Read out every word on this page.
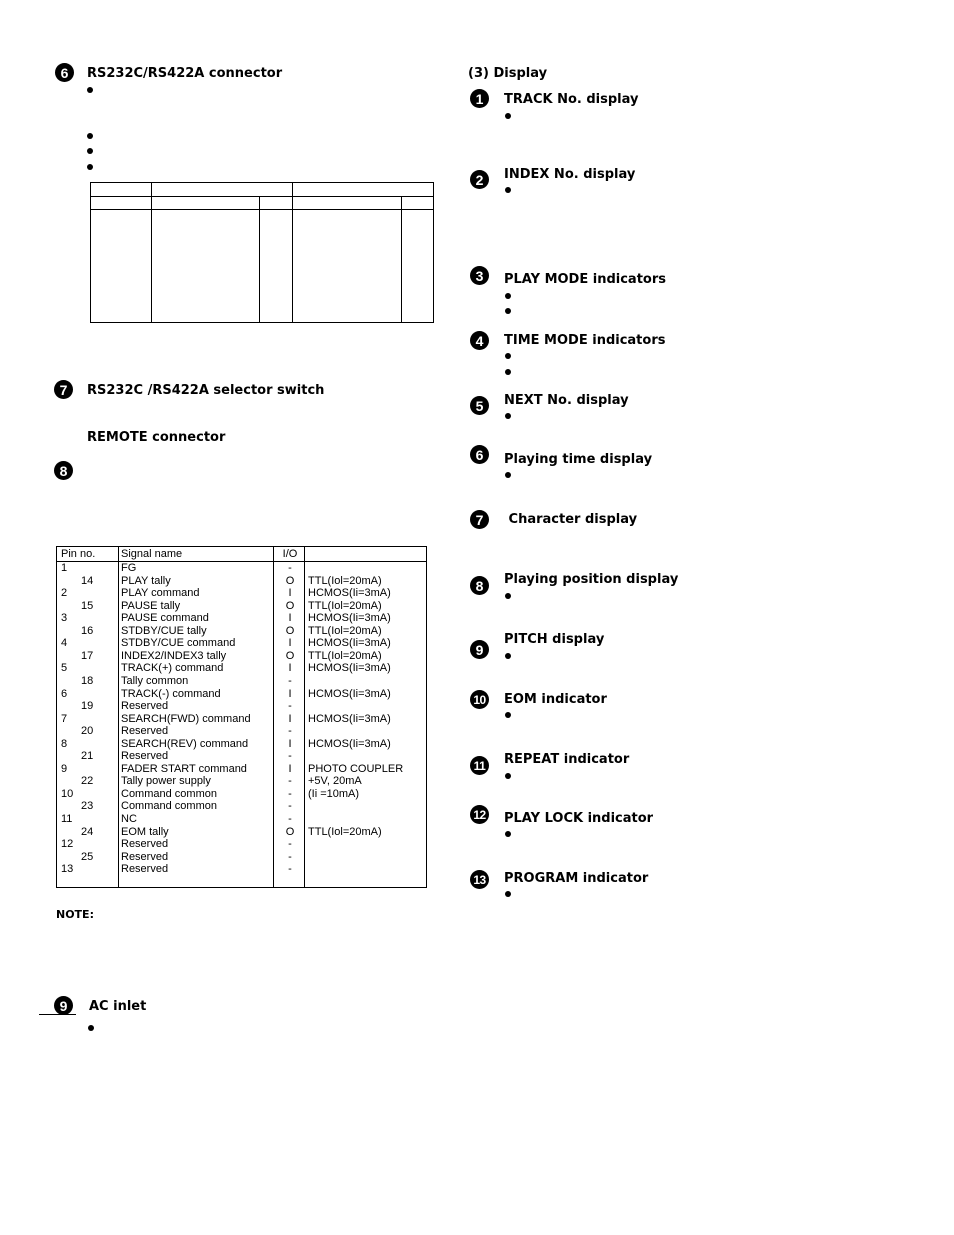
6	RS232C/RS422A connector
7	RS232C /RS422A selector switch
REMOTE connector
8
Pin no. Signal name	I/O
1	FG	-
14	PLAY tally	O	TTL(Iol=20mA)
2	PLAY command	I	HCMOS(Ii=3mA)
15	PAUSE tally	O	TTL(Iol=20mA)
3	PAUSE command	I	HCMOS(Ii=3mA)
16	STDBY/CUE tally	O	TTL(Iol=20mA)
4	STDBY/CUE command	I	HCMOS(Ii=3mA)
17	INDEX2/INDEX3 tally	O	TTL(Iol=20mA)
5	TRACK(+) command	I	HCMOS(Ii=3mA)
18	Tally common	-
6	TRACK(-) command	I	HCMOS(Ii=3mA)
19	Reserved	-
7	SEARCH(FWD) command	I	HCMOS(Ii=3mA)
20	Reserved	-
8	SEARCH(REV) command	I	HCMOS(Ii=3mA)
21	Reserved	-
9	FADER START command	I	PHOTO COUPLER
22	Tally power supply	-	+5V, 20mA
10	Command common	-	(Ii =10mA)
23	Command common	-
11	NC	-
24	EOM tally	O	TTL(Iol=20mA)
12	Reserved	-
25	Reserved	-
13	Reserved	-
NOTE:
9	AC inlet
(3) Display
1	TRACK No. display
2	INDEX No. display
3	PLAY MODE indicators
4	TIME MODE indicators
5	NEXT No. display
6	Playing time display
7	Character display
8	Playing position display
9
PITCH display
10 EOM indicator
11 REPEAT indicator
12 PLAY LOCK indicator
13 PROGRAM indicator
